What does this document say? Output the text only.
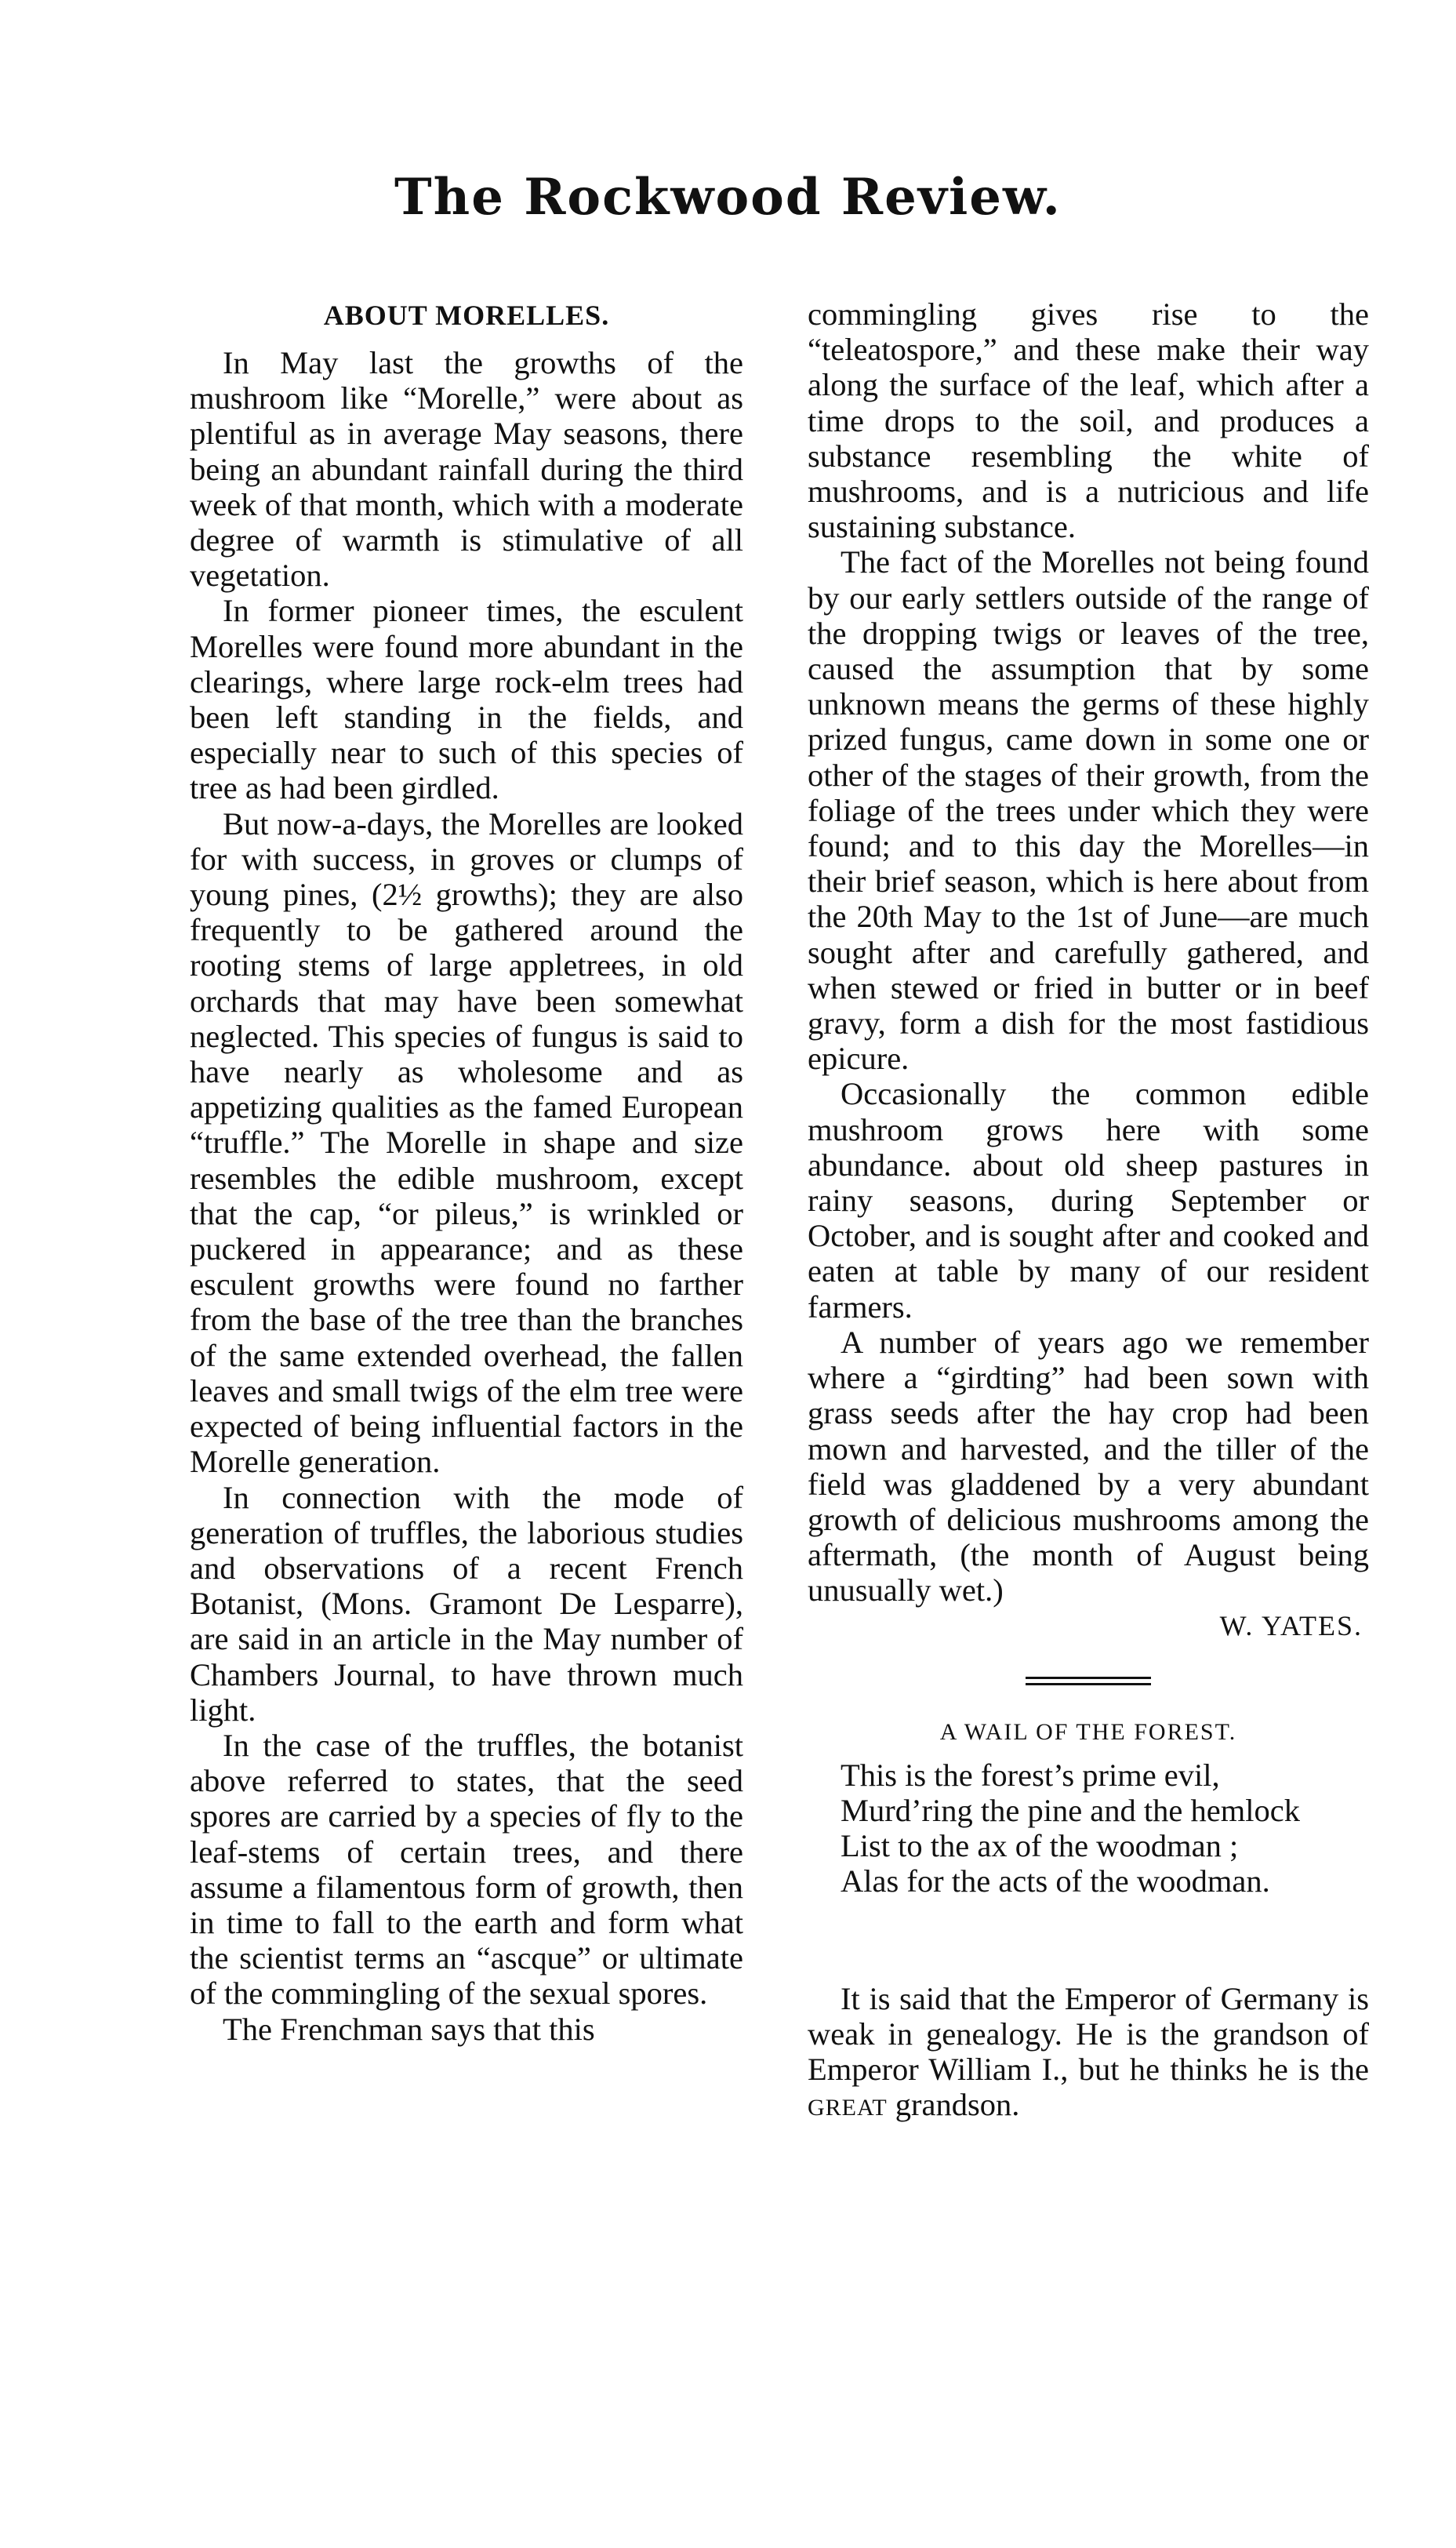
The Rockwood Review.
ABOUT MORELLES.

In May last the growths of the mushroom like “Morelle,” were about as plentiful as in average May seasons, there being an abundant rainfall during the third week of that month, which with a moderate degree of warmth is stimulative of all vegetation.

In former pioneer times, the esculent Morelles were found more abundant in the clearings, where large rock-elm trees had been left standing in the fields, and especially near to such of this species of tree as had been girdled.

But now-a-days, the Morelles are looked for with success, in groves or clumps of young pines, (2½ growths); they are also frequently to be gathered around the rooting stems of large appletrees, in old orchards that may have been somewhat neglected. This species of fungus is said to have nearly as wholesome and as appetizing qualities as the famed European “truffle.” The Morelle in shape and size resembles the edible mushroom, except that the cap, “or pileus,” is wrinkled or puckered in appearance; and as these esculent growths were found no farther from the base of the tree than the branches of the same extended overhead, the fallen leaves and small twigs of the elm tree were expected of being influential factors in the Morelle generation.

In connection with the mode of generation of truffles, the laborious studies and observations of a recent French Botanist, (Mons. Gramont De Lesparre), are said in an article in the May number of Chambers Journal, to have thrown much light.

In the case of the truffles, the botanist above referred to states, that the seed spores are carried by a species of fly to the leaf-stems of certain trees, and there assume a filamentous form of growth, then in time to fall to the earth and form what the scientist terms an “ascque” or ultimate of the commingling of the sexual spores.

The Frenchman says that this

commingling gives rise to the “teleatospore,” and these make their way along the surface of the leaf, which after a time drops to the soil, and produces a substance resembling the white of mushrooms, and is a nutricious and life sustaining substance.

The fact of the Morelles not being found by our early settlers outside of the range of the dropping twigs or leaves of the tree, caused the assumption that by some unknown means the germs of these highly prized fungus, came down in some one or other of the stages of their growth, from the foliage of the trees under which they were found; and to this day the Morelles—in their brief season, which is here about from the 20th May to the 1st of June—are much sought after and carefully gathered, and when stewed or fried in butter or in beef gravy, form a dish for the most fastidious epicure.

Occasionally the common edible mushroom grows here with some abundance. about old sheep pastures in rainy seasons, during September or October, and is sought after and cooked and eaten at table by many of our resident farmers.

A number of years ago we remember where a “girdting” had been sown with grass seeds after the hay crop had been mown and harvested, and the tiller of the field was gladdened by a very abundant growth of delicious mushrooms among the aftermath, (the month of August being unusually wet.)

W. YATES.

A WAIL OF THE FOREST.

This is the forest’s prime evil,

Murd’ring the pine and the hemlock

List to the ax of the woodman ;

Alas for the acts of the woodman.

It is said that the Emperor of Germany is weak in genealogy. He is the grandson of Emperor William I., but he thinks he is the GREAT grandson.
